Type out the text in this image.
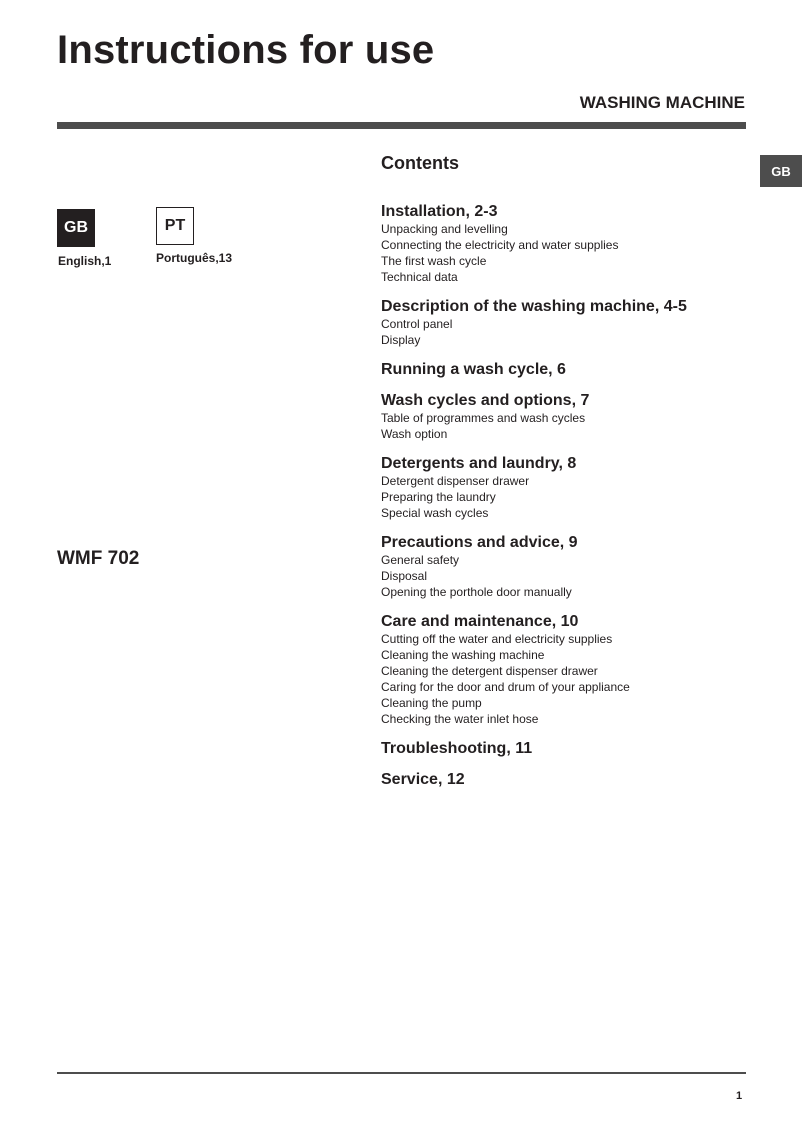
Instructions for use
WASHING MACHINE
GB
GB
English,1
PT
Português,13
WMF 702
Contents
Installation, 2-3
Unpacking and levelling
Connecting the electricity and water supplies
The first wash cycle
Technical data
Description of the washing machine, 4-5
Control panel
Display
Running a wash cycle, 6
Wash cycles and options, 7
Table of programmes and wash cycles
Wash option
Detergents and laundry, 8
Detergent dispenser drawer
Preparing the laundry
Special wash cycles
Precautions and advice, 9
General safety
Disposal
Opening the porthole door manually
Care and maintenance, 10
Cutting off the water and electricity supplies
Cleaning the washing machine
Cleaning the detergent dispenser drawer
Caring for the door and drum of your appliance
Cleaning the pump
Checking the water inlet hose
Troubleshooting, 11
Service, 12
1
